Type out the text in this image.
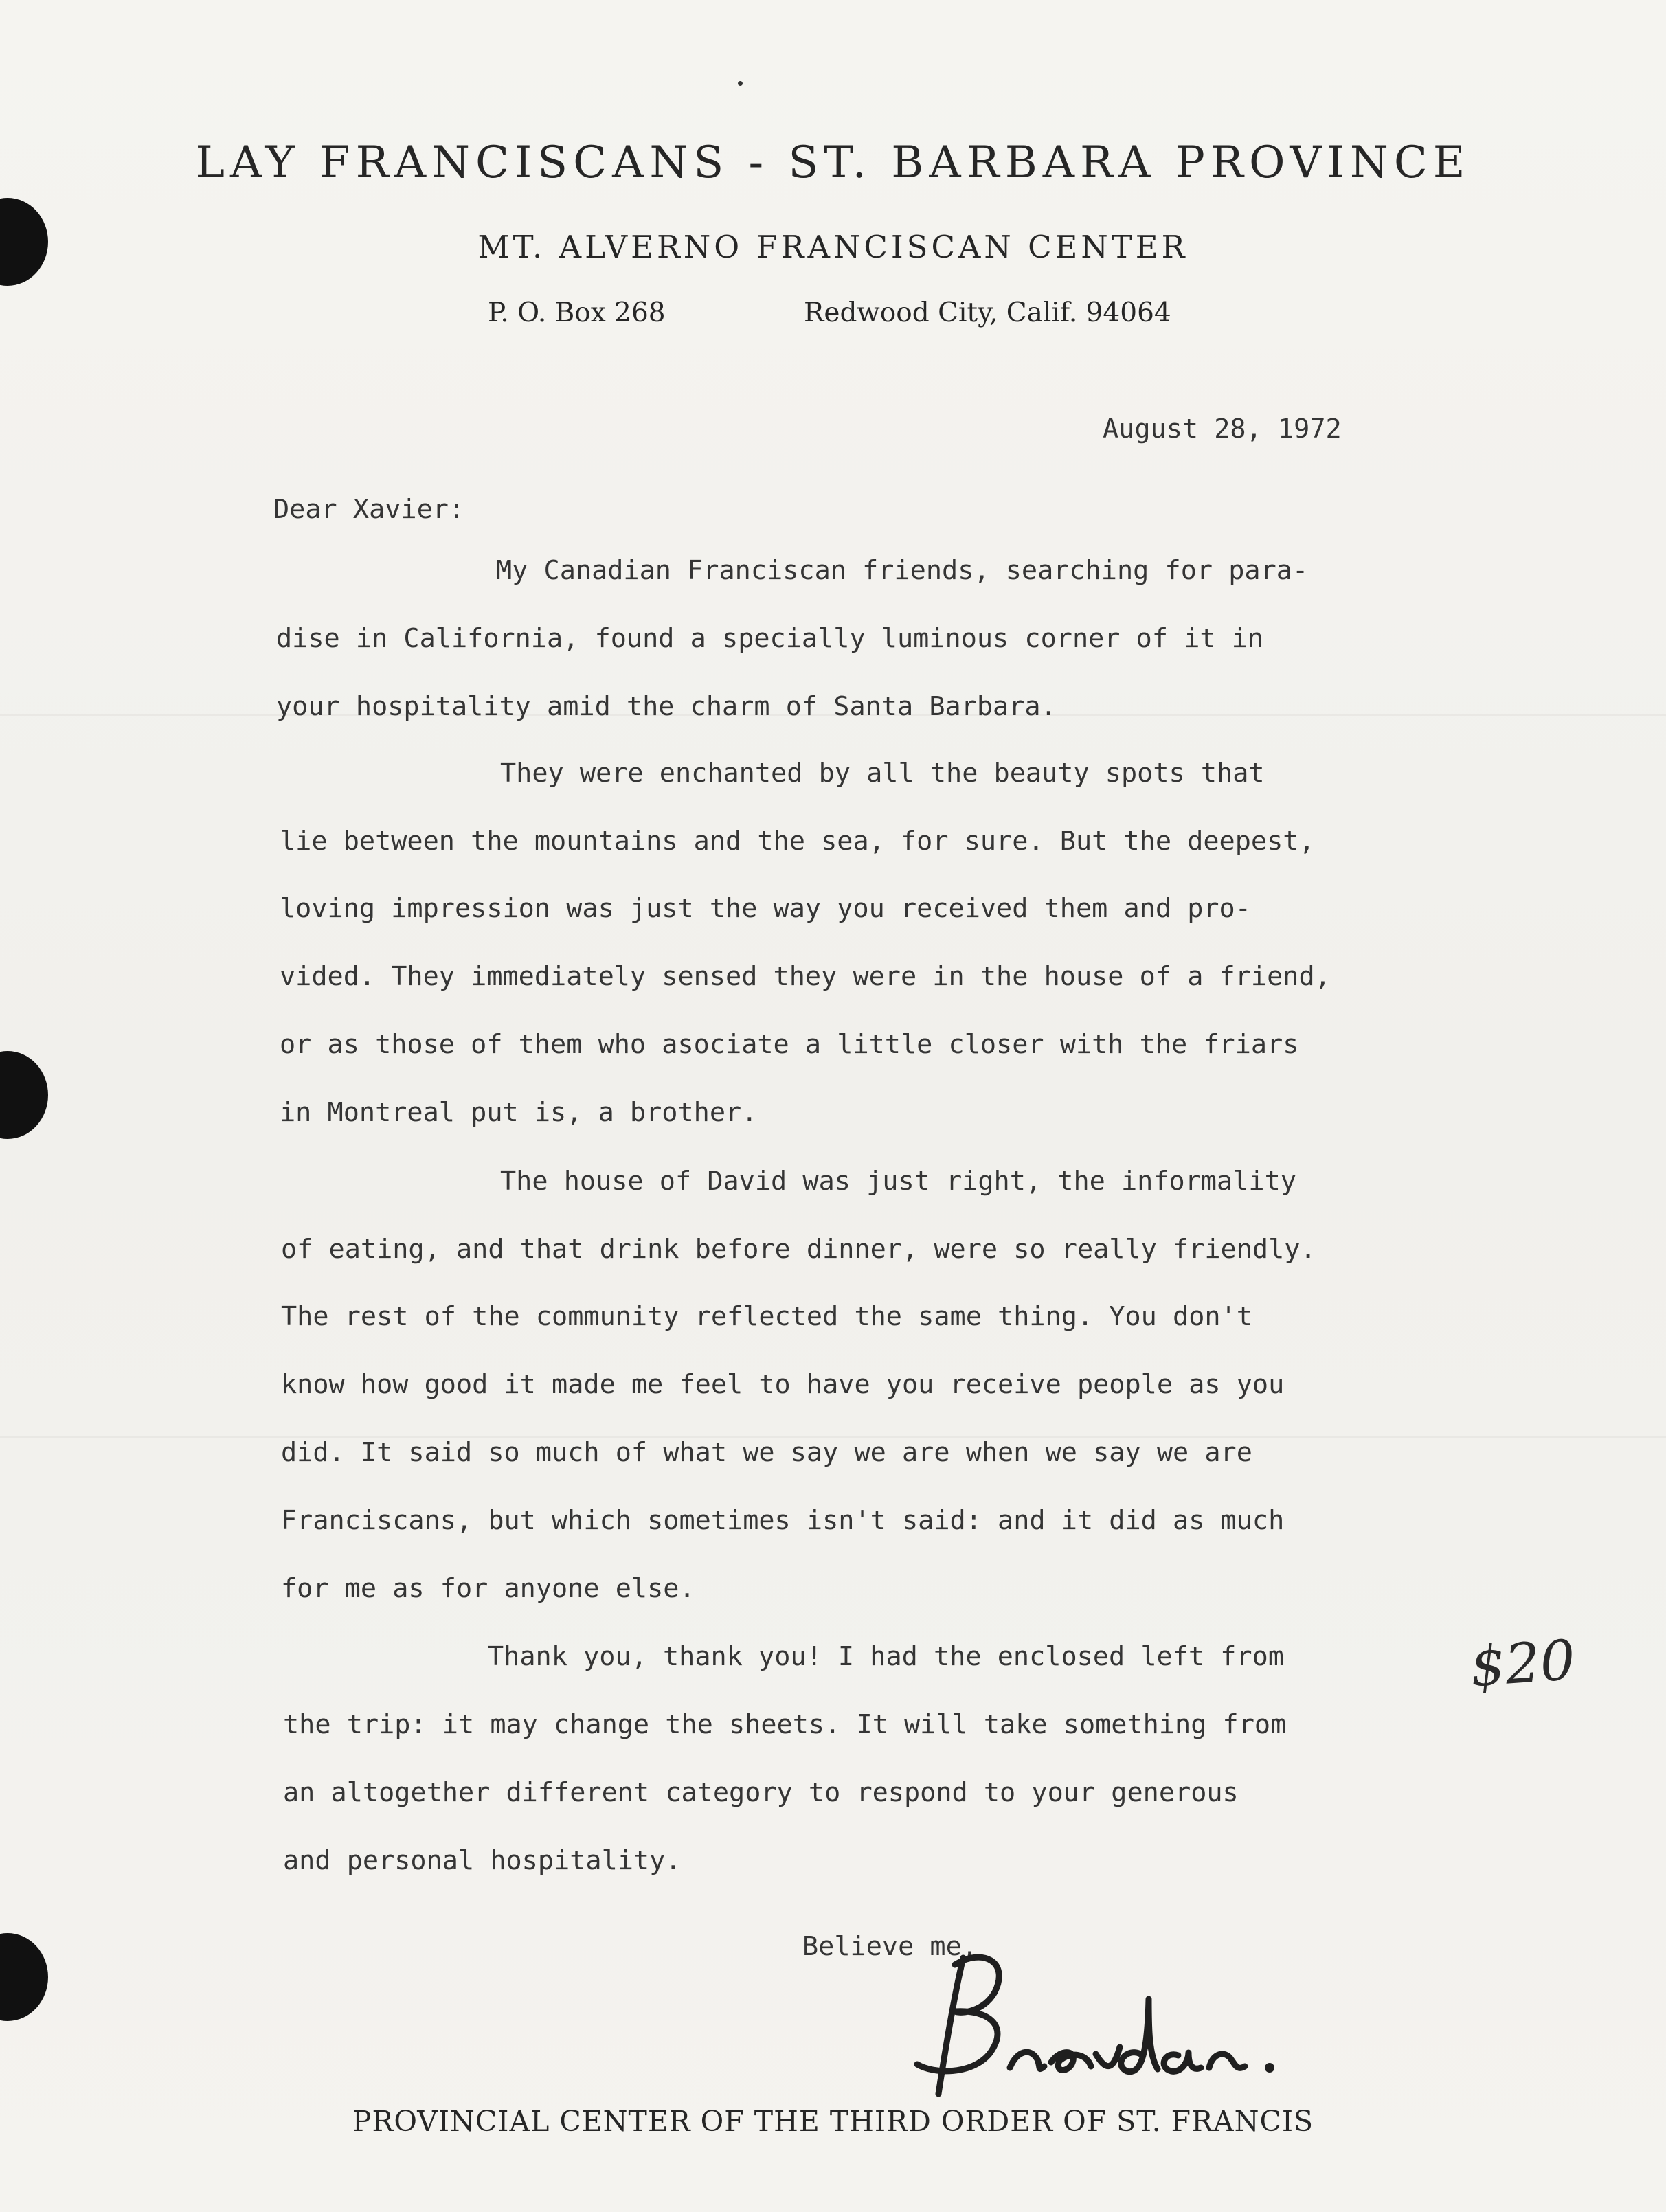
LAY FRANCISCANS - ST. BARBARA PROVINCE
MT. ALVERNO FRANCISCAN CENTER
P. O. Box 268	Redwood City, Calif. 94064
August 28, 1972
Dear Xavier:
My Canadian Franciscan friends, searching for para-
dise in California, found a specially luminous corner of it in
your hospitality amid the charm of Santa Barbara.
They were enchanted by all the beauty spots that
lie between the mountains and the sea, for sure. But the deepest,
loving impression was just the way you received them and pro-
vided. They immediately sensed they were in the house of a friend,
or as those of them who asociate a little closer with the friars
in Montreal put is, a brother.
The house of David was just right, the informality
of eating, and that drink before dinner, were so really friendly.
The rest of the community reflected the same thing. You don't
know how good it made me feel to have you receive people as you
did. It said so much of what we say we are when we say we are
Franciscans, but which sometimes isn't said: and it did as much
for me as for anyone else.
Thank you, thank you! I had the enclosed left from
the trip: it may change the sheets. It will take something from
an altogether different category to respond to your generous
and personal hospitality.
Believe me,
$20
PROVINCIAL CENTER OF THE THIRD ORDER OF ST. FRANCIS
